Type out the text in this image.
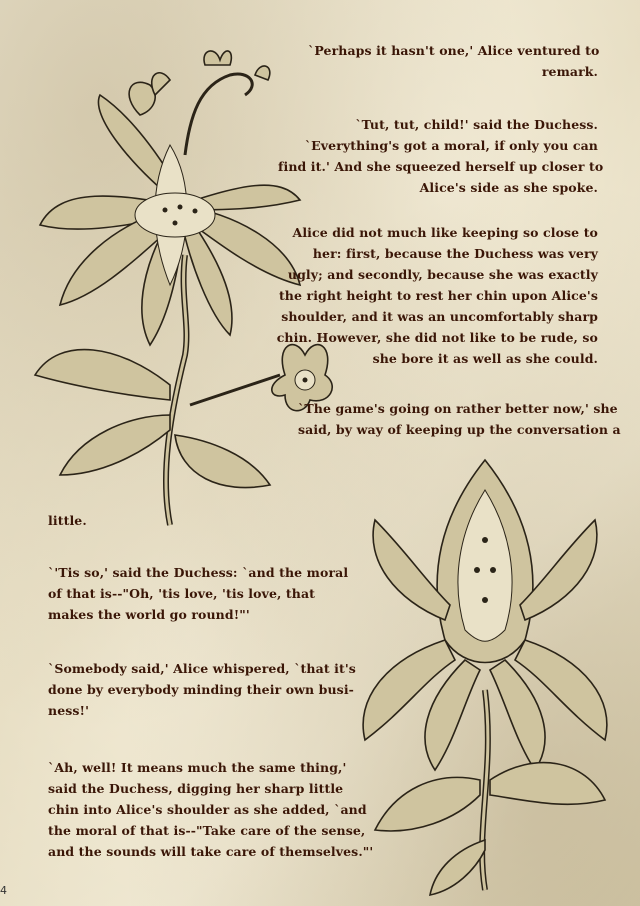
`Perhaps it hasn't one,' Alice ventured to
remark.
`Tut, tut, child!' said the Duchess.
`Everything's got a moral, if only you can
find it.' And she squeezed herself up closer to
Alice's side as she spoke.
Alice did not much like keeping so close to
her: first, because the Duchess was very
ugly; and secondly, because she was exactly
the right height to rest her chin upon Alice's
shoulder, and it was an uncomfortably sharp
chin. However, she did not like to be rude, so
she bore it as well as she could.
`The game's going on rather better now,' she
said, by way of keeping up the conversation a
little.
`'Tis so,' said the Duchess: `and the moral
of that is--"Oh, 'tis love, 'tis love, that
makes the world go round!"'
`Somebody said,' Alice whispered, `that it's
done by everybody minding their own busi-
ness!'
`Ah, well! It means much the same thing,'
said the Duchess, digging her sharp little
chin into Alice's shoulder as she added, `and
the moral of that is--"Take care of the sense,
and the sounds will take care of themselves."'
4
